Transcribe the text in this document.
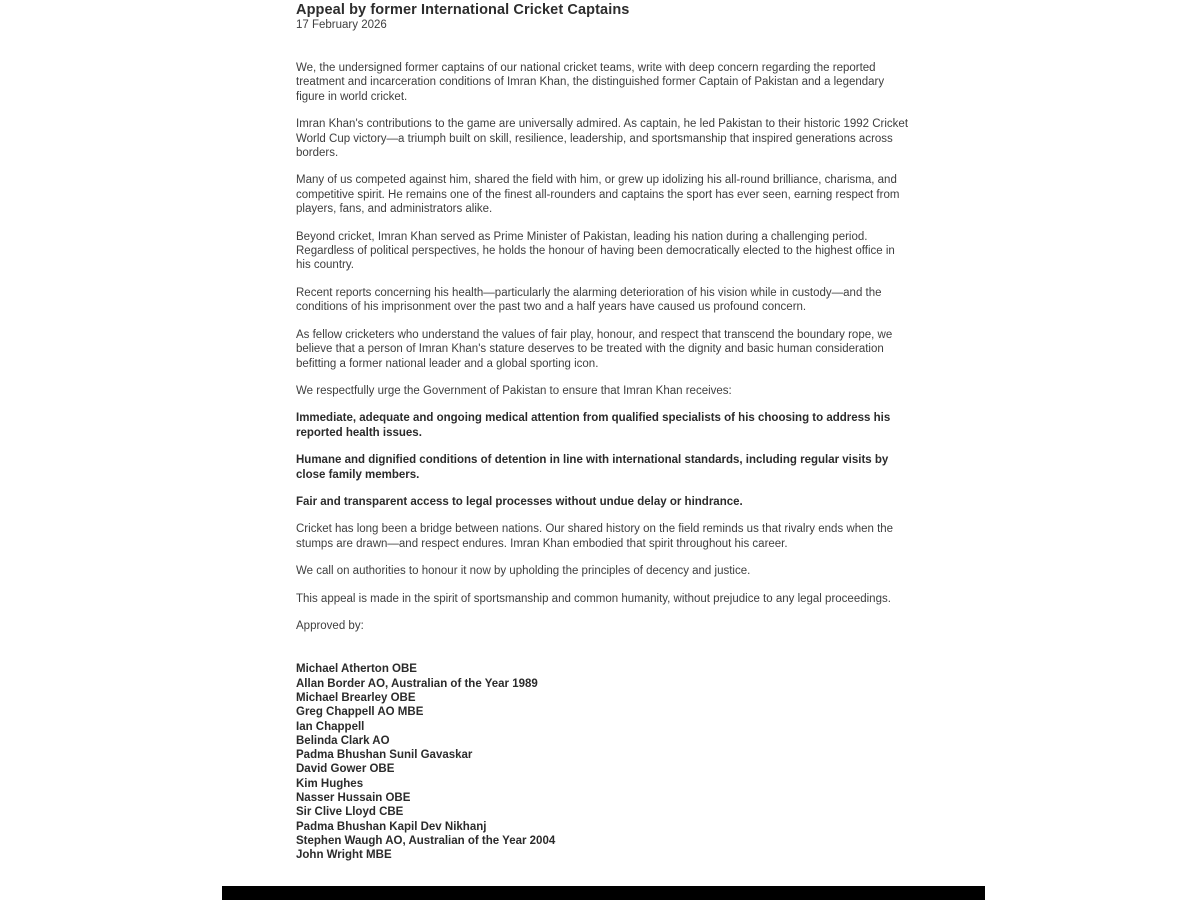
Appeal by former International Cricket Captains
17 February 2026

We, the undersigned former captains of our national cricket teams, write with deep concern regarding the reported treatment and incarceration conditions of Imran Khan, the distinguished former Captain of Pakistan and a legendary figure in world cricket.

Imran Khan's contributions to the game are universally admired. As captain, he led Pakistan to their historic 1992 Cricket World Cup victory—a triumph built on skill, resilience, leadership, and sportsmanship that inspired generations across borders.

Many of us competed against him, shared the field with him, or grew up idolizing his all-round brilliance, charisma, and competitive spirit. He remains one of the finest all-rounders and captains the sport has ever seen, earning respect from players, fans, and administrators alike.

Beyond cricket, Imran Khan served as Prime Minister of Pakistan, leading his nation during a challenging period. Regardless of political perspectives, he holds the honour of having been democratically elected to the highest office in his country.

Recent reports concerning his health—particularly the alarming deterioration of his vision while in custody—and the conditions of his imprisonment over the past two and a half years have caused us profound concern.

As fellow cricketers who understand the values of fair play, honour, and respect that transcend the boundary rope, we believe that a person of Imran Khan's stature deserves to be treated with the dignity and basic human consideration befitting a former national leader and a global sporting icon.

We respectfully urge the Government of Pakistan to ensure that Imran Khan receives:

Immediate, adequate and ongoing medical attention from qualified specialists of his choosing to address his reported health issues.

Humane and dignified conditions of detention in line with international standards, including regular visits by close family members.

Fair and transparent access to legal processes without undue delay or hindrance.

Cricket has long been a bridge between nations. Our shared history on the field reminds us that rivalry ends when the stumps are drawn—and respect endures. Imran Khan embodied that spirit throughout his career.

We call on authorities to honour it now by upholding the principles of decency and justice.

This appeal is made in the spirit of sportsmanship and common humanity, without prejudice to any legal proceedings.

Approved by:

Michael Atherton OBE
Allan Border AO, Australian of the Year 1989
Michael Brearley OBE
Greg Chappell AO MBE
Ian Chappell
Belinda Clark AO
Padma Bhushan Sunil Gavaskar
David Gower OBE
Kim Hughes
Nasser Hussain OBE
Sir Clive Lloyd CBE
Padma Bhushan Kapil Dev Nikhanj
Stephen Waugh AO, Australian of the Year 2004
John Wright MBE
